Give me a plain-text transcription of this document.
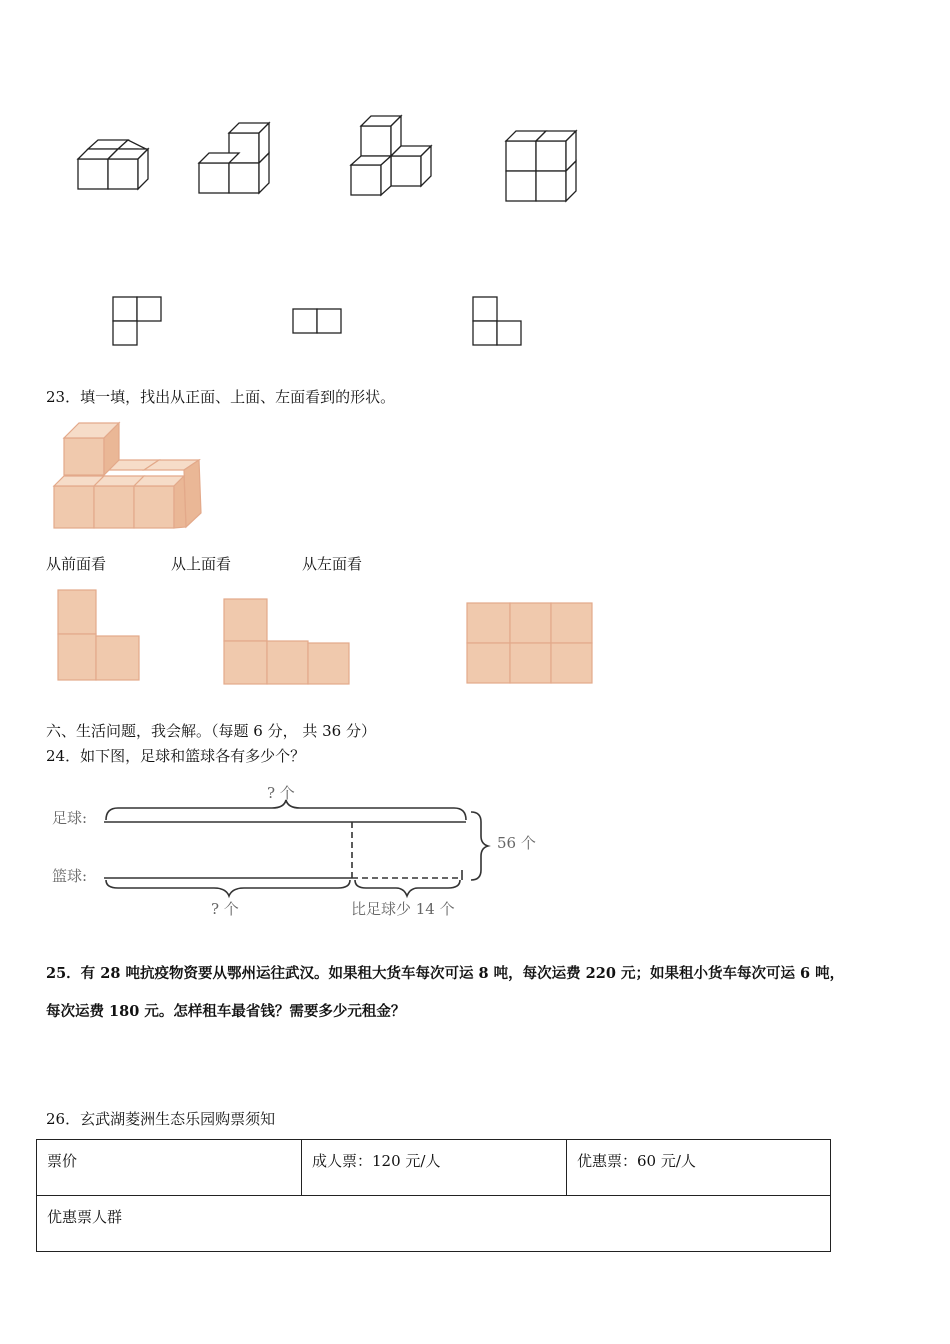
23．填一填，找出从正面、上面、左面看到的形状。
从前面看	从上面看	从左面看
六、生活问题，我会解。（每题 6 分， 共 36 分）
24．如下图，足球和篮球各有多少个？
足球:
篮球:
? 个
? 个
56 个
比足球少 14 个
25．有 28 吨抗疫物资要从鄂州运往武汉。如果租大货车每次可运 8 吨，每次运费 220 元；如果租小货车每次可运 6 吨，
每次运费 180 元。怎样租车最省钱？需要多少元租金？
26．玄武湖菱洲生态乐园购票须知
票价	成人票：120 元/人	优惠票：60 元/人
优惠票人群
